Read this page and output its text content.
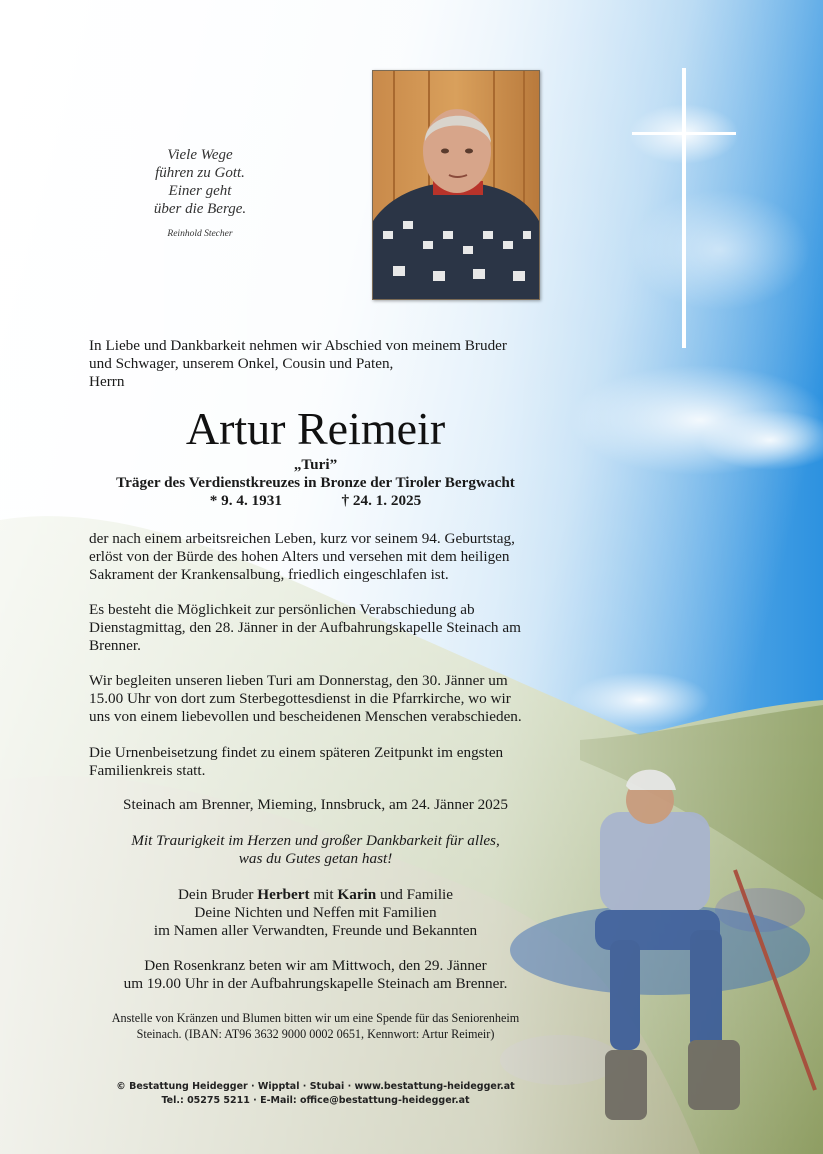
Viele Wege
führen zu Gott.
Einer geht
über die Berge.
Reinhold Stecher
In Liebe und Dankbarkeit nehmen wir Abschied von meinem Bruder
und Schwager, unserem Onkel, Cousin und Paten,
Herrn
Artur Reimeir
„Turi”
Träger des Verdienstkreuzes in Bronze der Tiroler Bergwacht
* 9. 4. 1931	† 24. 1. 2025
der nach einem arbeitsreichen Leben, kurz vor seinem 94. Geburtstag,
erlöst von der Bürde des hohen Alters und versehen mit dem heiligen
Sakrament der Krankensalbung, friedlich eingeschlafen ist.
Es besteht die Möglichkeit zur persönlichen Verabschiedung ab
Dienstagmittag, den 28. Jänner in der Aufbahrungskapelle Steinach am
Brenner.
Wir begleiten unseren lieben Turi am Donnerstag, den 30. Jänner um
15.00 Uhr von dort zum Sterbegottesdienst in die Pfarrkirche, wo wir
uns von einem liebevollen und bescheidenen Menschen verabschieden.
Die Urnenbeisetzung findet zu einem späteren Zeitpunkt im engsten
Familienkreis statt.
Steinach am Brenner, Mieming, Innsbruck, am 24. Jänner 2025
Mit Traurigkeit im Herzen und großer Dankbarkeit für alles,
was du Gutes getan hast!
Dein Bruder Herbert mit Karin und Familie
Deine Nichten und Neffen mit Familien
im Namen aller Verwandten, Freunde und Bekannten
Den Rosenkranz beten wir am Mittwoch, den 29. Jänner
um 19.00 Uhr in der Aufbahrungskapelle Steinach am Brenner.
Anstelle von Kränzen und Blumen bitten wir um eine Spende für das Seniorenheim
Steinach. (IBAN: AT96 3632 9000 0002 0651, Kennwort: Artur Reimeir)
© Bestattung Heidegger · Wipptal · Stubai · www.bestattung-heidegger.at
Tel.: 05275 5211 · E-Mail: office@bestattung-heidegger.at
